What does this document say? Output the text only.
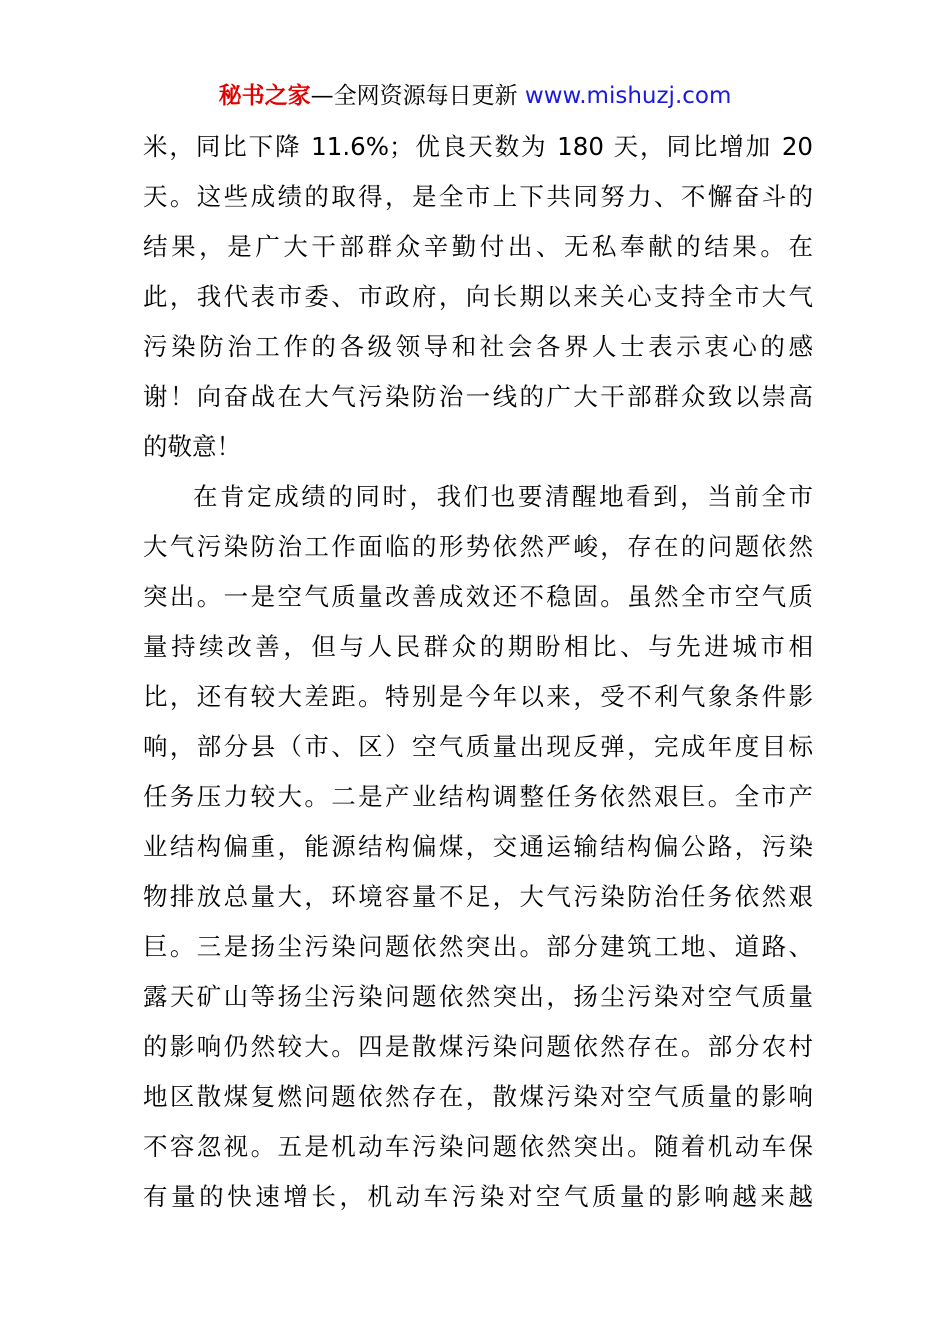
秘书之家—全网资源每日更新 www.mishuzj.com
米，同比下降 11.6%；优良天数为 180 天，同比增加 20
天。这些成绩的取得，是全市上下共同努力、不懈奋斗的
结果，是广大干部群众辛勤付出、无私奉献的结果。在
此，我代表市委、市政府，向长期以来关心支持全市大气
污染防治工作的各级领导和社会各界人士表示衷心的感
谢！向奋战在大气污染防治一线的广大干部群众致以崇高
的敬意！
在肯定成绩的同时，我们也要清醒地看到，当前全市
大气污染防治工作面临的形势依然严峻，存在的问题依然
突出。一是空气质量改善成效还不稳固。虽然全市空气质
量持续改善，但与人民群众的期盼相比、与先进城市相
比，还有较大差距。特别是今年以来，受不利气象条件影
响，部分县（市、区）空气质量出现反弹，完成年度目标
任务压力较大。二是产业结构调整任务依然艰巨。全市产
业结构偏重，能源结构偏煤，交通运输结构偏公路，污染
物排放总量大，环境容量不足，大气污染防治任务依然艰
巨。三是扬尘污染问题依然突出。部分建筑工地、道路、
露天矿山等扬尘污染问题依然突出，扬尘污染对空气质量
的影响仍然较大。四是散煤污染问题依然存在。部分农村
地区散煤复燃问题依然存在，散煤污染对空气质量的影响
不容忽视。五是机动车污染问题依然突出。随着机动车保
有量的快速增长，机动车污染对空气质量的影响越来越
